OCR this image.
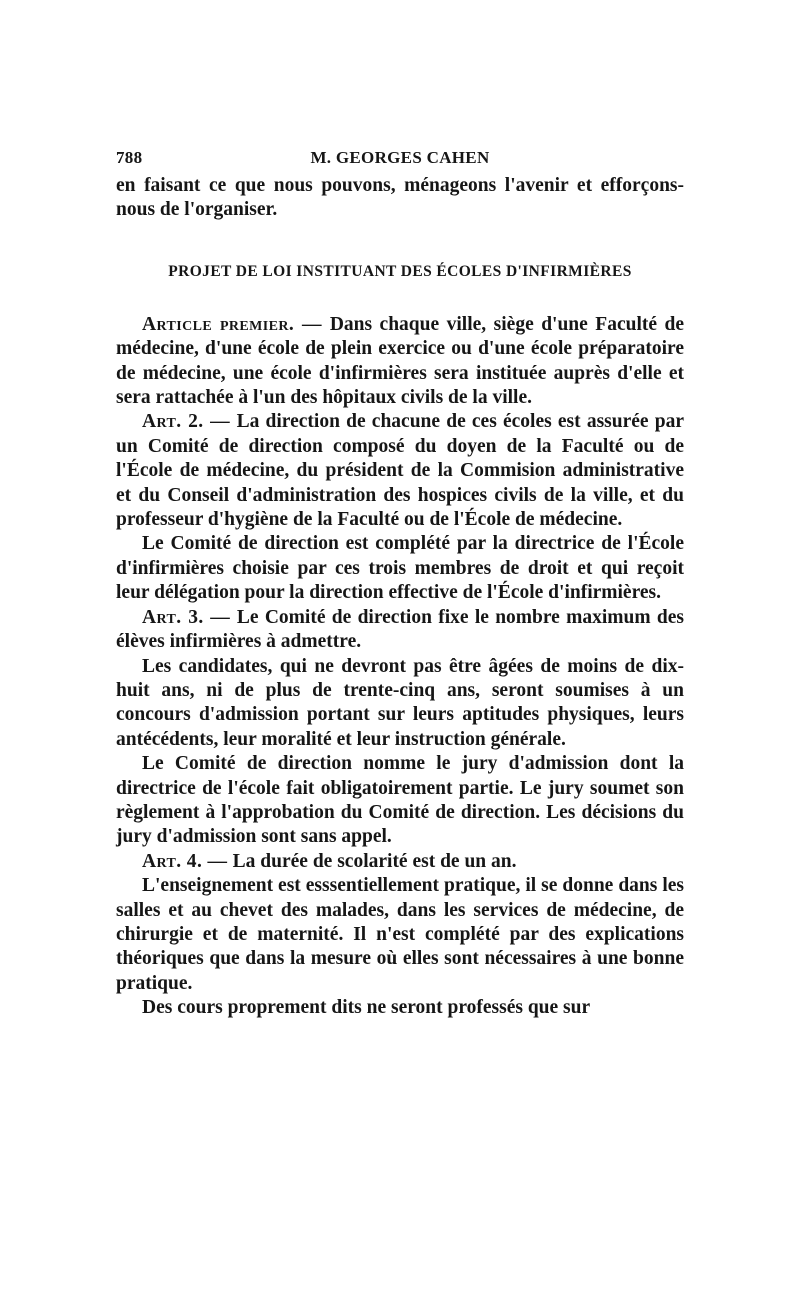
788	M. GEORGES CAHEN

en faisant ce que nous pouvons, ménageons l'avenir et efforçons-nous de l'organiser.

PROJET DE LOI INSTITUANT DES ÉCOLES D'INFIRMIÈRES

Article premier. — Dans chaque ville, siège d'une Faculté de médecine, d'une école de plein exercice ou d'une école préparatoire de médecine, une école d'infirmières sera instituée auprès d'elle et sera rattachée à l'un des hôpitaux civils de la ville.

Art. 2. — La direction de chacune de ces écoles est assurée par un Comité de direction composé du doyen de la Faculté ou de l'École de médecine, du président de la Commision administrative et du Conseil d'administration des hospices civils de la ville, et du professeur d'hygiène de la Faculté ou de l'École de médecine.

Le Comité de direction est complété par la directrice de l'École d'infirmières choisie par ces trois membres de droit et qui reçoit leur délégation pour la direction effective de l'École d'infirmières.

Art. 3. — Le Comité de direction fixe le nombre maximum des élèves infirmières à admettre.

Les candidates, qui ne devront pas être âgées de moins de dix-huit ans, ni de plus de trente-cinq ans, seront soumises à un concours d'admission portant sur leurs aptitudes physiques, leurs antécédents, leur moralité et leur instruction générale.

Le Comité de direction nomme le jury d'admission dont la directrice de l'école fait obligatoirement partie. Le jury soumet son règlement à l'approbation du Comité de direction. Les décisions du jury d'admission sont sans appel.

Art. 4. — La durée de scolarité est de un an.

L'enseignement est esssentiellement pratique, il se donne dans les salles et au chevet des malades, dans les services de médecine, de chirurgie et de maternité. Il n'est complété par des explications théoriques que dans la mesure où elles sont nécessaires à une bonne pratique.

Des cours proprement dits ne seront professés que sur
